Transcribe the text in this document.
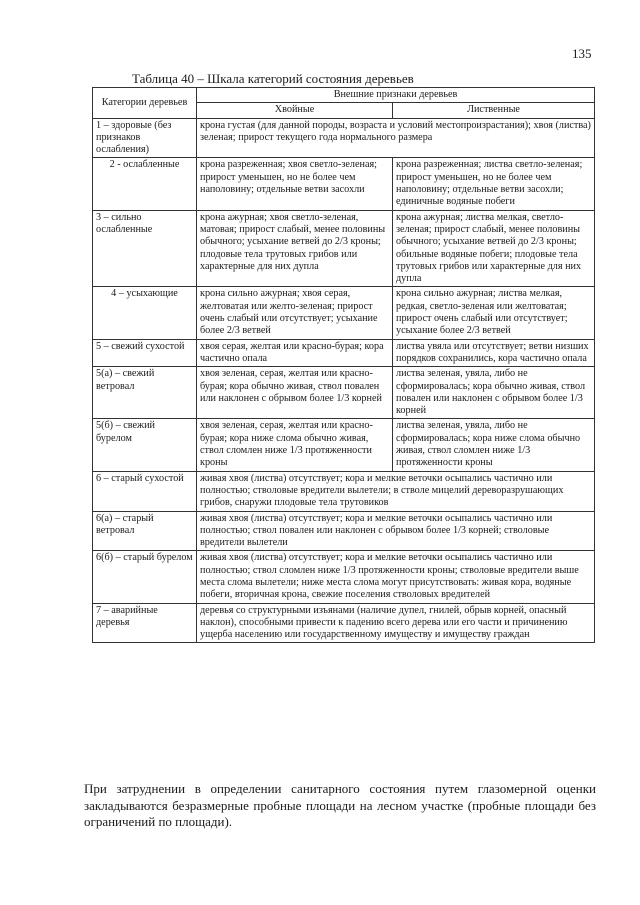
135
Таблица 40 – Шкала категорий состояния деревьев
Категории деревьев	Внешние признаки деревьев	
	Хвойные	Лиственные
1 – здоровые (без признаков ослабления)	крона густая (для данной породы, возраста и условий местопроизрастания); хвоя (листва) зеленая; прирост текущего года нормального размера	
2 - ослабленные	крона разреженная; хвоя светло-зеленая; прирост уменьшен, но не более чем наполовину; отдельные ветви засохли	крона разреженная; листва светло-зеленая; прирост уменьшен, но не более чем наполовину; отдельные ветви засохли; единичные водяные побеги
3 – сильно ослабленные	крона ажурная; хвоя светло-зеленая, матовая; прирост слабый, менее половины обычного; усыхание ветвей до 2/3 кроны; плодовые тела трутовых грибов или характерные для них дупла	крона ажурная; листва мелкая, светло-зеленая; прирост слабый, менее половины обычного; усыхание ветвей до 2/3 кроны; обильные водяные побеги; плодовые тела трутовых грибов или характерные для них дупла
4 – усыхающие	крона сильно ажурная; хвоя серая, желтоватая или желто-зеленая; прирост очень слабый или отсутствует; усыхание более 2/3 ветвей	крона сильно ажурная; листва мелкая, редкая, светло-зеленая или желтоватая; прирост очень слабый или отсутствует; усыхание более 2/3 ветвей
5 – свежий сухостой	хвоя серая, желтая или красно-бурая; кора частично опала	листва увяла или отсутствует; ветви низших порядков сохранились, кора частично опала
5(а) – свежий ветровал	хвоя зеленая, серая, желтая или красно-бурая; кора обычно живая, ствол повален или наклонен с обрывом более 1/3 корней	листва зеленая, увяла, либо не сформировалась; кора обычно живая, ствол повален или наклонен с обрывом более 1/3 корней
5(б) – свежий бурелом	хвоя зеленая, серая, желтая или красно-бурая; кора ниже слома обычно живая, ствол сломлен ниже 1/3 протяженности кроны	листва зеленая, увяла, либо не сформировалась; кора ниже слома обычно живая, ствол сломлен ниже 1/3 протяженности кроны
6 – старый сухостой	живая хвоя (листва) отсутствует; кора и мелкие веточки осыпались частично или полностью; стволовые вредители вылетели; в стволе мицелий дереворазрушающих грибов, снаружи плодовые тела трутовиков	
6(а) – старый ветровал	живая хвоя (листва) отсутствует; кора и мелкие веточки осыпались частично или полностью; ствол повален или наклонен с обрывом более 1/3 корней; стволовые вредители вылетели	
6(б) – старый бурелом	живая хвоя (листва) отсутствует; кора и мелкие веточки осыпались частично или полностью; ствол сломлен ниже 1/3 протяженности кроны; стволовые вредители выше места слома вылетели; ниже места слома могут присутствовать: живая кора, водяные побеги, вторичная крона, свежие поселения стволовых вредителей	
7 – аварийные деревья	деревья со структурными изъянами (наличие дупел, гнилей, обрыв корней, опасный наклон), способными привести к падению всего дерева или его части и причинению ущерба населению или государственному имуществу и имуществу граждан	

При затруднении в определении санитарного состояния путем глазомерной оценки закладываются безразмерные пробные площади на лесном участке (пробные площади без ограничений по площади).
